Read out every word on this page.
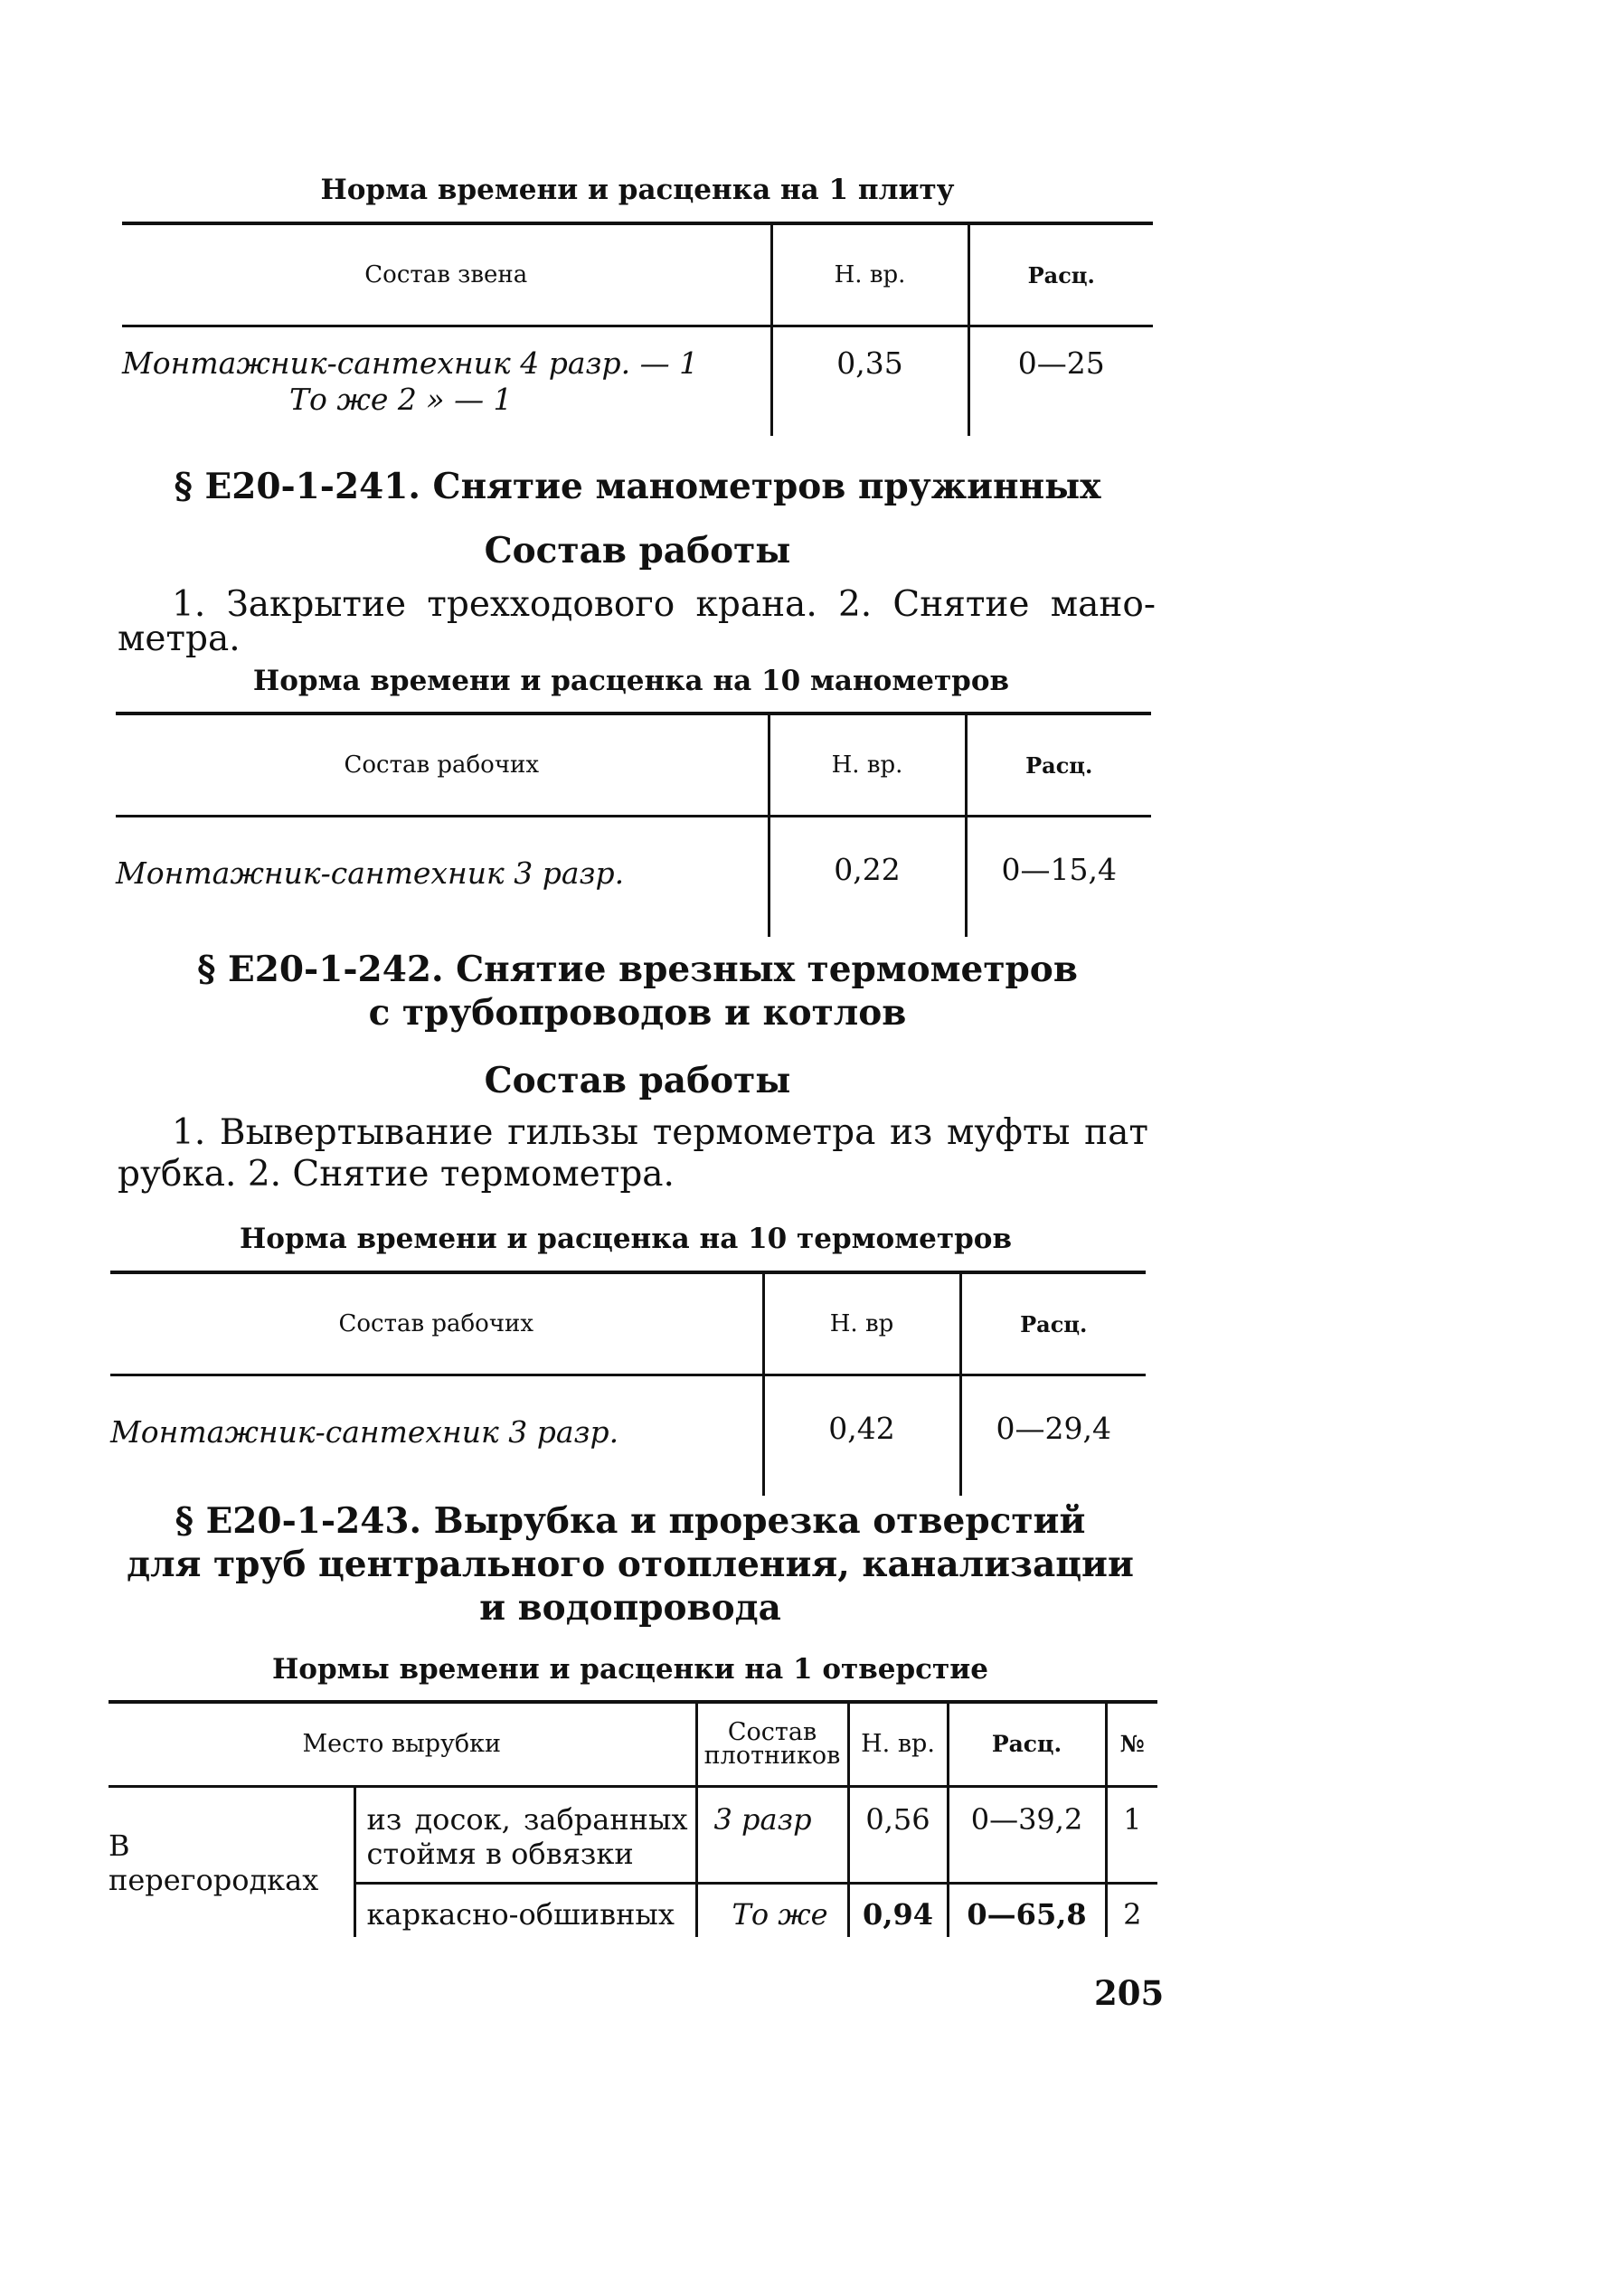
Норма времени и расценка на 1 плиту
Состав звена	Н. вр.	Расц.

Монтажник-сантехник 4 разр. — 1
То же 2 » — 1	0,35	0—25
§ Е20-1-241. Снятие манометров пружинных
Состав работы
1. Закрытие трехходового крана. 2. Снятие мано-
метра.
Норма времени и расценка на 10 манометров
Состав рабочих	Н. вр.	Расц.
Монтажник-сантехник 3 разр.	0,22	0—15,4
§ Е20-1-242. Снятие врезных термометров
с трубопроводов и котлов
Состав работы
1. Вывертывание гильзы термометра из муфты пат
рубка. 2. Снятие термометра.
Норма времени и расценка на 10 термометров
Состав рабочих	Н. вр	Расц.
Монтажник-сантехник 3 разр.	0,42	0—29,4
§ Е20-1-243. Вырубка и прорезка отверстий
для труб центрального отопления, канализации
и водопровода
Нормы времени и расценки на 1 отверстие
Место вырубки		Состав
плотников	Н. вр.	Расц.	№
В перегородках	из досок, забранных
стоймя в обвязки	3 разр	0,56	0—39,2	1
	каркасно-обшивных	То же	0,94	0—65,8	2
205
